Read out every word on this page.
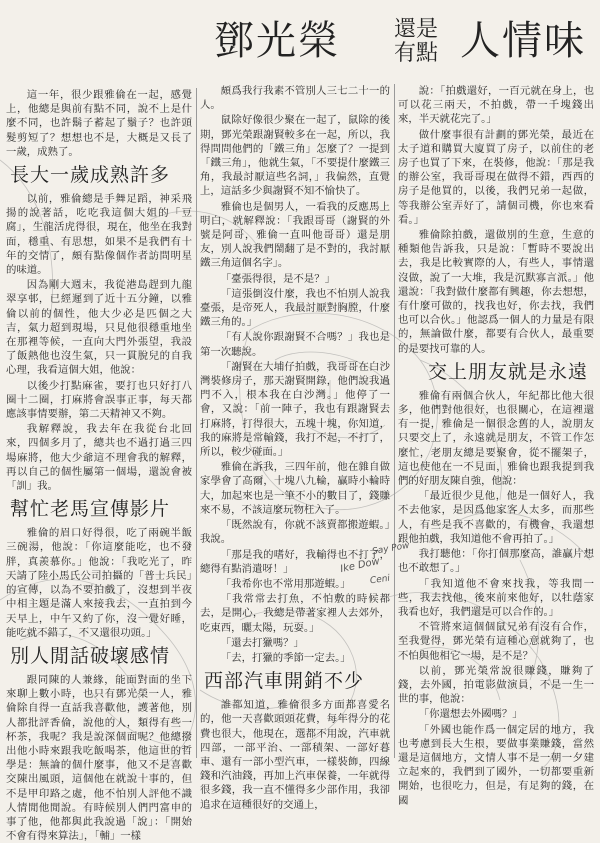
鄧光榮 還是
有點 人情味

這一年，很少跟雅倫在一起，感覺上，他總是與前有點不同，說不上是什麼不同，也許鬍子蓄起了鬚子？也許頭髮剪短了？想想也不是，大概是又長了一歲，成熟了。

長大一歲成熟許多

以前，雅倫總是手舞足蹈，神采飛揚的說著話，吃吃我這個大姐的「豆腐」，生龍活虎得很，現在，他坐在我對面，穩重、有思想，如果不是我們有十年的交情了，頗有點像個作者訪問明星的味道。

因為剛大週末，我從港島趕到九龍翠享邨，已經遲到了近十五分鐘，以雅倫以前的個性，他大少必是匹個之大吉，氣力超到現場，只見他很穩重地坐在那裡等候，一直向大門外張望，我設了飯熱他也沒生氣，只一貫脫兒的自我心理，我看這個大姐，他說：

以後少打點麻雀，要打也只好打八圈十二圈，打麻將會誤事正事，每天都應該事情要辦，第二天精神又不夠。

我解釋說，我去年在我從台北回來，四個多月了，總共也不過打過三四場麻將，他大少爺這不理會我的解釋，再以自己的個性屬第一個場，還說會被「訓」我。

幫忙老馬宣傳影片

雅倫的眉口好得很，吃了兩碗半飯三碗湯，他說：「你這麼能吃，也不發胖，真羨慕你。」他說：「我吃光了，昨天請了陸小馬氏公司拍攝的「普士兵民」的宣傳，以為不要拍戲了，沒想到半夜中相主題是滿人來接我去，一直拍到今天早上，中午又約了你，沒一覺好睡，能吃就不錯了，不又還很功頭。」

別人閒話破壞感情

跟同陳的人兼緣，能面對面的坐下來聊上數小時，也只有鄧光榮一人，雅倫除自得一直話我喜歡他，護著他，別人都批評香倫，說他的人，類得有些一杯茶，我呢？我是說深個面呢？他總撥出他小時來跟我吃飯喝茶，他這世的哲學是：無論的個什麼事，他又不是喜歡交陳出風頭，這個他在就說十事的，但不是甲印路之處，他不怕別人評他不識人情閒他閒說。有時候別人們門富申的事了他，他都與此我說過「說」：「開始不會有得來算法」，「輔」一樣

頗爲我行我素不管別人三七二十一的人。

鼠除好像很少聚在一起了，鼠除的後期，鄧光榮跟謝賢較多在一起，所以，我得問問他們的「鐵三角」怎麼了？一提到「鐵三角」，他就生氣，「不要提什麼鐵三角，我最討厭這些名詞，」我偏然，直覺上，這話多少與謝賢不知不愉快了。

雅倫也是個男人，一看我的反應馬上明白，就解釋說：「我跟哥哥（謝賢的外號是阿哥，雅倫一直叫他哥哥）還是朋友，別人說我們鬧翻了是不對的，我討厭鐵三角這個名字」。

「臺張得很，是不是？」

「這張倒沒什麼，我也不怕別人說我臺張，是帝死人，我最討厭對胸膛，什麼鐵三角的。」

「有人說你跟謝賢不合嗎？」我也是第一次聽說。

「謝賢在大埔仔拍戲，我哥哥在白沙灣裝修房子，那天謝賢開錄，他們說我過門不入，根本我在白沙灣。」他停了一會，又說：「前一陣子，我也有跟謝賢去打麻將，打得很大，五塊十塊，你知道，我的麻將是常輸錢，我打不起，不打了，所以，較少碰面。」

雅倫在訴我，三四年前，他在雜自做家學會了高爾，十塊八九輪，贏時小輪時大，加起來也是一筆不小的數目了，錢賺來不易，不該這麼玩物枉入了。

「既然說有，你就不該賣都搬遊蝦。」我說。

「那是我的嗜好，我輸得也不打了，總得有點消遣呀！」

「我希你也不常用那遊蝦。」

「我常常去打魚，不怕敷的時候都去，是開心，我總是帶著家裡人去郊外，吃東西，曬太陽，玩耍。」

「還去打獵嗎？」

「去，打獵的季節一定去。」

西部汽車開銷不少

誰都知道，雅倫很多方面都喜愛名的，他一天喜歡頭頭花費，每年得分的花費也很大，他現在，選都不用說，汽車就四部，一部平治、一部積架、一部好暮車、還有一部小型汽車，一樣裝飾，四線錢和汽油錢，再加上汽車保養，一年就得很多錢，我一直不懂得多少部作用，我卻追求在這種很好的交通上，

說：「拍戲還好，一百元就在身上，也可以花三兩天，不拍戲，帶一千塊錢出來，半天就花完了。」

做什麼事很有計劃的鄧光榮，最近在太子道和購買大廈買了房子，以前住的老房子也買了下來，在裝修，他說：「那是我的辦公室，我哥哥現在做得不錯，西西的房子是他買的，以後，我們兄弟一起做，等我辦公室弄好了，請個司機，你也來看看。」

雅倫除拍戲，還做別的生意，生意的種類他告訴我，只是說：「暫時不要說出去，我是比較實際的人，有些人，事情還沒做，說了一大堆，我是沉默寡言派。」他還說：「我對做什麼都有興趣，你去想想，有什麼可做的，找我也好，你去找，我們也可以合伙。」他認爲一個人的力量是有限的，無論做什麼，都要有合伙人，最重要的是要找可靠的人。

交上朋友就是永遠

雅倫有兩個合伙人，年紀都比他大很多，他們對他很好，也很關心，在這裡還有一提，雅倫是一個很念舊的人，說朋友只要交上了，永遠就是朋友，不管工作怎麼忙，老朋友總是要聚會，從不擺架子，這也使他在一不見面，雅倫也跟我提到我們的好朋友陳自強，他說：

「最近很少見他，他是一個好人，我不去他家，是因爲他家客人太多，而那些人，有些是我不喜歡的，有機會，我還想跟他拍戲，我知道他不會再拍了。」

我打聽他：「你打個那麼高，誰贏片想也不敢想了。」

「我知道他不會來找我，等我間一些，我去找他，後來前來他好，以牡蔭家我看也好，我們還是可以合作的。」

不管將來這個個鼠兄弟有沒有合作，至我覺得，鄧光榮有這種心意就夠了，也不怕與他相它一場，是不是？

以前，鄧光榮常說很賺錢，賺夠了錢，去外國，拍電影做演員，不是一生一世的事，他說：

「你還想去外國嗎？」

「外國也能作爲一個定居的地方，我也考慮到長大生根，要做事業賺錢，當然還是這個地方，文情人事不是一朝一夕建立起來的，我們到了國外，一切都要重新開始，也很吃力，但是，有足夠的錢，在國

Ike Dow
Say Pow
Ceni
